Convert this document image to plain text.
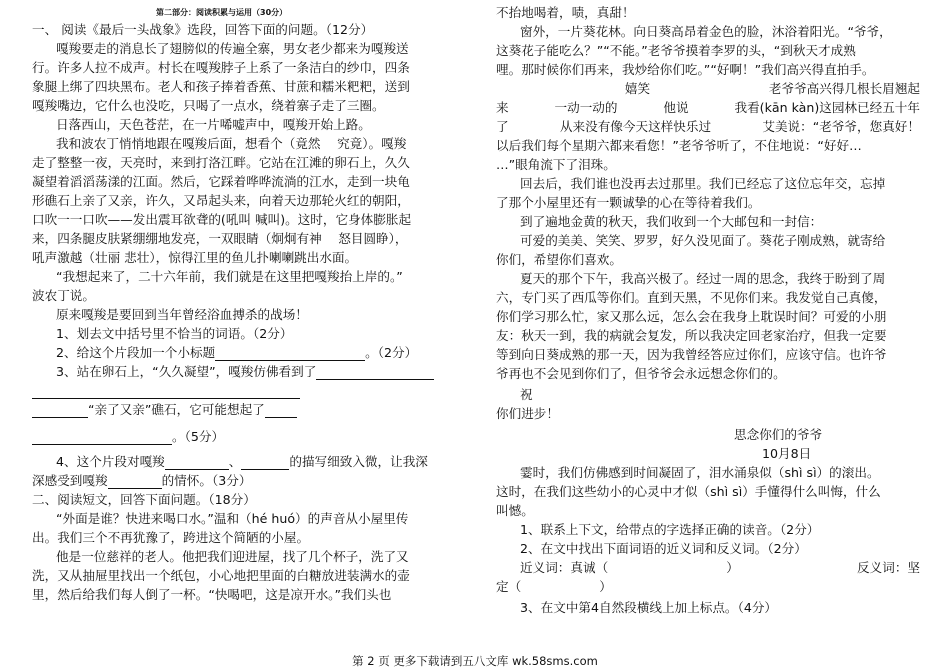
第二部分：阅读积累与运用（30分）
一、 阅读《最后一头战象》选段，回答下面的问题。（12分）
嘎羧要走的消息长了翅膀似的传遍全寨，男女老少都来为嘎羧送
行。许多人拉不成声。村长在嘎羧脖子上系了一条洁白的纱巾，四条
象腿上绑了四块黑布。老人和孩子捧着香蕉、甘蔗和糯米粑粑，送到
嘎羧嘴边，它什么也没吃，只喝了一点水，绕着寨子走了三圈。
日落西山，天色苍茫，在一片唏嘘声中，嘎羧开始上路。
我和波农丁悄悄地跟在嘎羧后面，想看个（竟然　 究竟）。嘎羧
走了整整一夜，天亮时，来到打洛江畔。它站在江滩的卵石上，久久
凝望着滔滔荡漾的江面。然后，它踩着哗哗流淌的江水，走到一块龟
形礁石上亲了又亲，许久，又昂起头来，向着天边那轮火红的朝阳，
口吹一一口吹——发出震耳欲聋的(吼叫 喊叫)。这时，它身体膨胀起
来，四条腿皮肤紧绷绷地发亮，一双眼睛（炯炯有神　 怒目圆睁），
吼声激越（壮丽 悲壮），惊得江里的鱼儿扑喇喇跳出水面。
“我想起来了，二十六年前，我们就是在这里把嘎羧抬上岸的。”
波农丁说。
原来嘎羧是要回到当年曾经浴血搏杀的战场！
1、划去文中括号里不恰当的词语。（2分）
2、给这个片段加一个小标题	。（2分）
3、站在卵石上，“久久凝望”，嘎羧仿佛看到了
“亲了又亲”礁石，它可能想起了
。（5分）
4、这个片段对嘎羧	、	的描写细致入微，让我深
深感受到嘎羧	的情怀。（3分）
二、阅读短文，回答下面问题。（18分）
“外面是谁？快进来喝口水。”温和（hé huó）的声音从小屋里传
出。我们三个不再犹豫了，跨进这个简陋的小屋。
他是一位慈祥的老人。他把我们迎进屋，找了几个杯子，洗了又
洗，又从抽屉里找出一个纸包，小心地把里面的白糖放进装满水的壶
里，然后给我们每人倒了一杯。“快喝吧，这是凉开水。”我们头也
不抬地喝着，啧，真甜！
窗外，一片葵花林。向日葵高昂着金色的脸，沐浴着阳光。“爷爷，
这葵花子能吃么？”“不能。”老爷爷摸着李罗的头，“到秋天才成熟
哩。那时候你们再来，我炒给你们吃。”“好啊！”我们高兴得直拍手。
嬉笑	老爷爷高兴得几根长眉翘起
来	一动一动的	他说	我看(kān kàn)这园林已经五十年
了	从来没有像今天这样快乐过	艾美说：“老爷爷，您真好！
以后我们每个星期六都来看您！”老爷爷听了，不住地说：“好好…
…”眼角流下了泪珠。
回去后，我们谁也没再去过那里。我们已经忘了这位忘年交，忘掉
了那个小屋里还有一颗诚挚的心在等待着我们。
到了遍地金黄的秋天，我们收到一个大邮包和一封信：
可爱的美美、笑笑、罗罗，好久没见面了。葵花子刚成熟，就寄给
你们，希望你们喜欢。
夏天的那个下午，我高兴极了。经过一周的思念，我终于盼到了周
六，专门买了西瓜等你们。直到天黑，不见你们来。我发觉自己真傻，
你们学习那么忙，家又那么远，怎么会在我身上耽误时间？可爱的小朋
友：秋天一到，我的病就会复发，所以我决定回老家治疗，但我一定要
等到向日葵成熟的那一天，因为我曾经答应过你们，应该守信。也许爷
爷再也不会见到你们了，但爷爷会永远想念你们的。
祝
你们进步！
思念你们的爷爷
10月8日
霎时，我们仿佛感到时间凝固了，泪水涌泉似（shì sì）的滚出。
这时，在我们这些幼小的心灵中才似（shì sì）手懂得什么叫悔，什么
叫憾。
1、联系上下文，给带点的字选择正确的读音。（2分）
2、在文中找出下面词语的近义词和反义词。（2分）
近义词：真诚（	）	反义词：坚
定（	）
3、在文中第4自然段横线上加上标点。（4分）
第 2 页 更多下载请到五八文库 wk.58sms.com
